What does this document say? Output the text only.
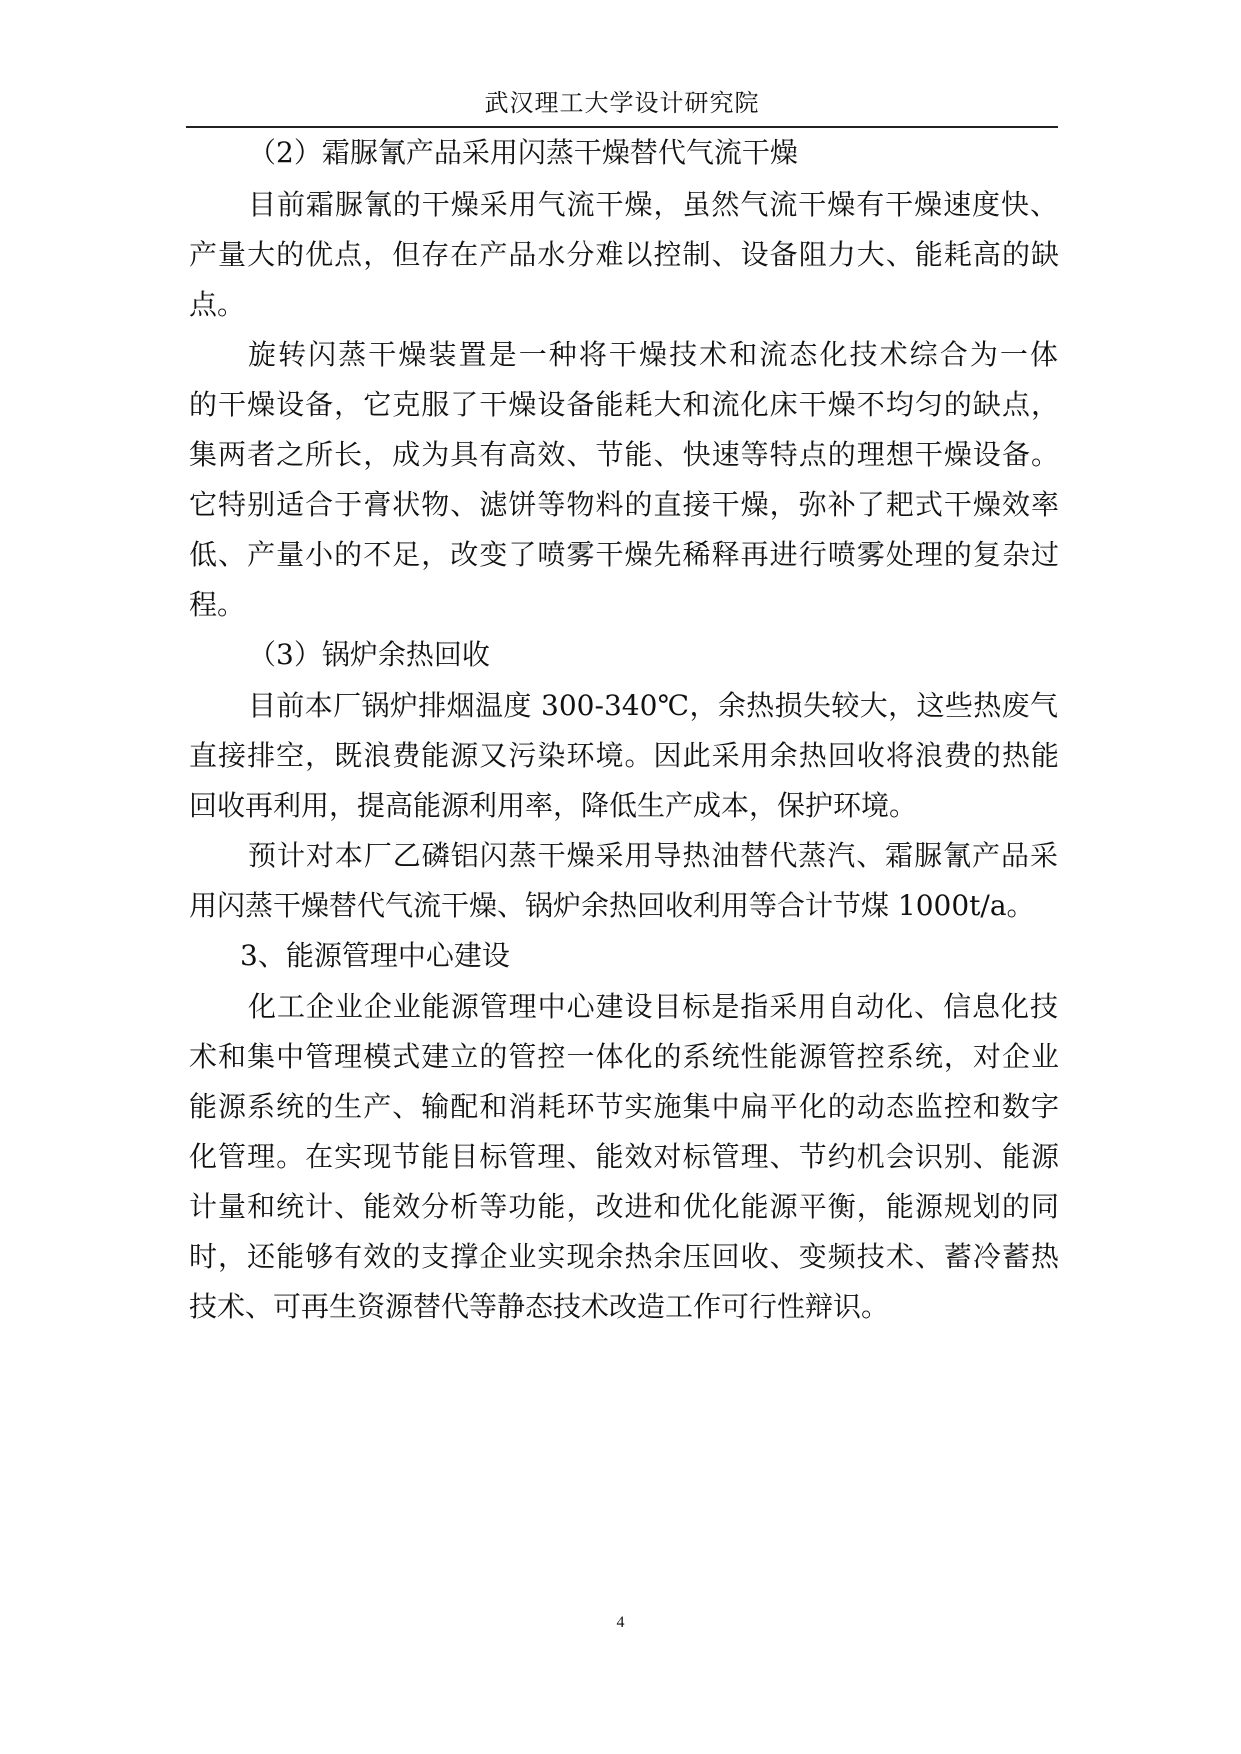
武汉理工大学设计研究院
（2）霜脲氰产品采用闪蒸干燥替代气流干燥
目前霜脲氰的干燥采用气流干燥，虽然气流干燥有干燥速度快、
产量大的优点，但存在产品水分难以控制、设备阻力大、能耗高的缺
点。
旋转闪蒸干燥装置是一种将干燥技术和流态化技术综合为一体
的干燥设备，它克服了干燥设备能耗大和流化床干燥不均匀的缺点，
集两者之所长，成为具有高效、节能、快速等特点的理想干燥设备。
它特别适合于膏状物、滤饼等物料的直接干燥，弥补了耙式干燥效率
低、产量小的不足，改变了喷雾干燥先稀释再进行喷雾处理的复杂过
程。
（3）锅炉余热回收
目前本厂锅炉排烟温度 300-340℃，余热损失较大，这些热废气
直接排空，既浪费能源又污染环境。因此采用余热回收将浪费的热能
回收再利用，提高能源利用率，降低生产成本，保护环境。
预计对本厂乙磷铝闪蒸干燥采用导热油替代蒸汽、霜脲氰产品采
用闪蒸干燥替代气流干燥、锅炉余热回收利用等合计节煤 1000t/a。
3、能源管理中心建设
化工企业企业能源管理中心建设目标是指采用自动化、信息化技
术和集中管理模式建立的管控一体化的系统性能源管控系统，对企业
能源系统的生产、输配和消耗环节实施集中扁平化的动态监控和数字
化管理。在实现节能目标管理、能效对标管理、节约机会识别、能源
计量和统计、能效分析等功能，改进和优化能源平衡，能源规划的同
时，还能够有效的支撑企业实现余热余压回收、变频技术、蓄冷蓄热
技术、可再生资源替代等静态技术改造工作可行性辩识。
4
